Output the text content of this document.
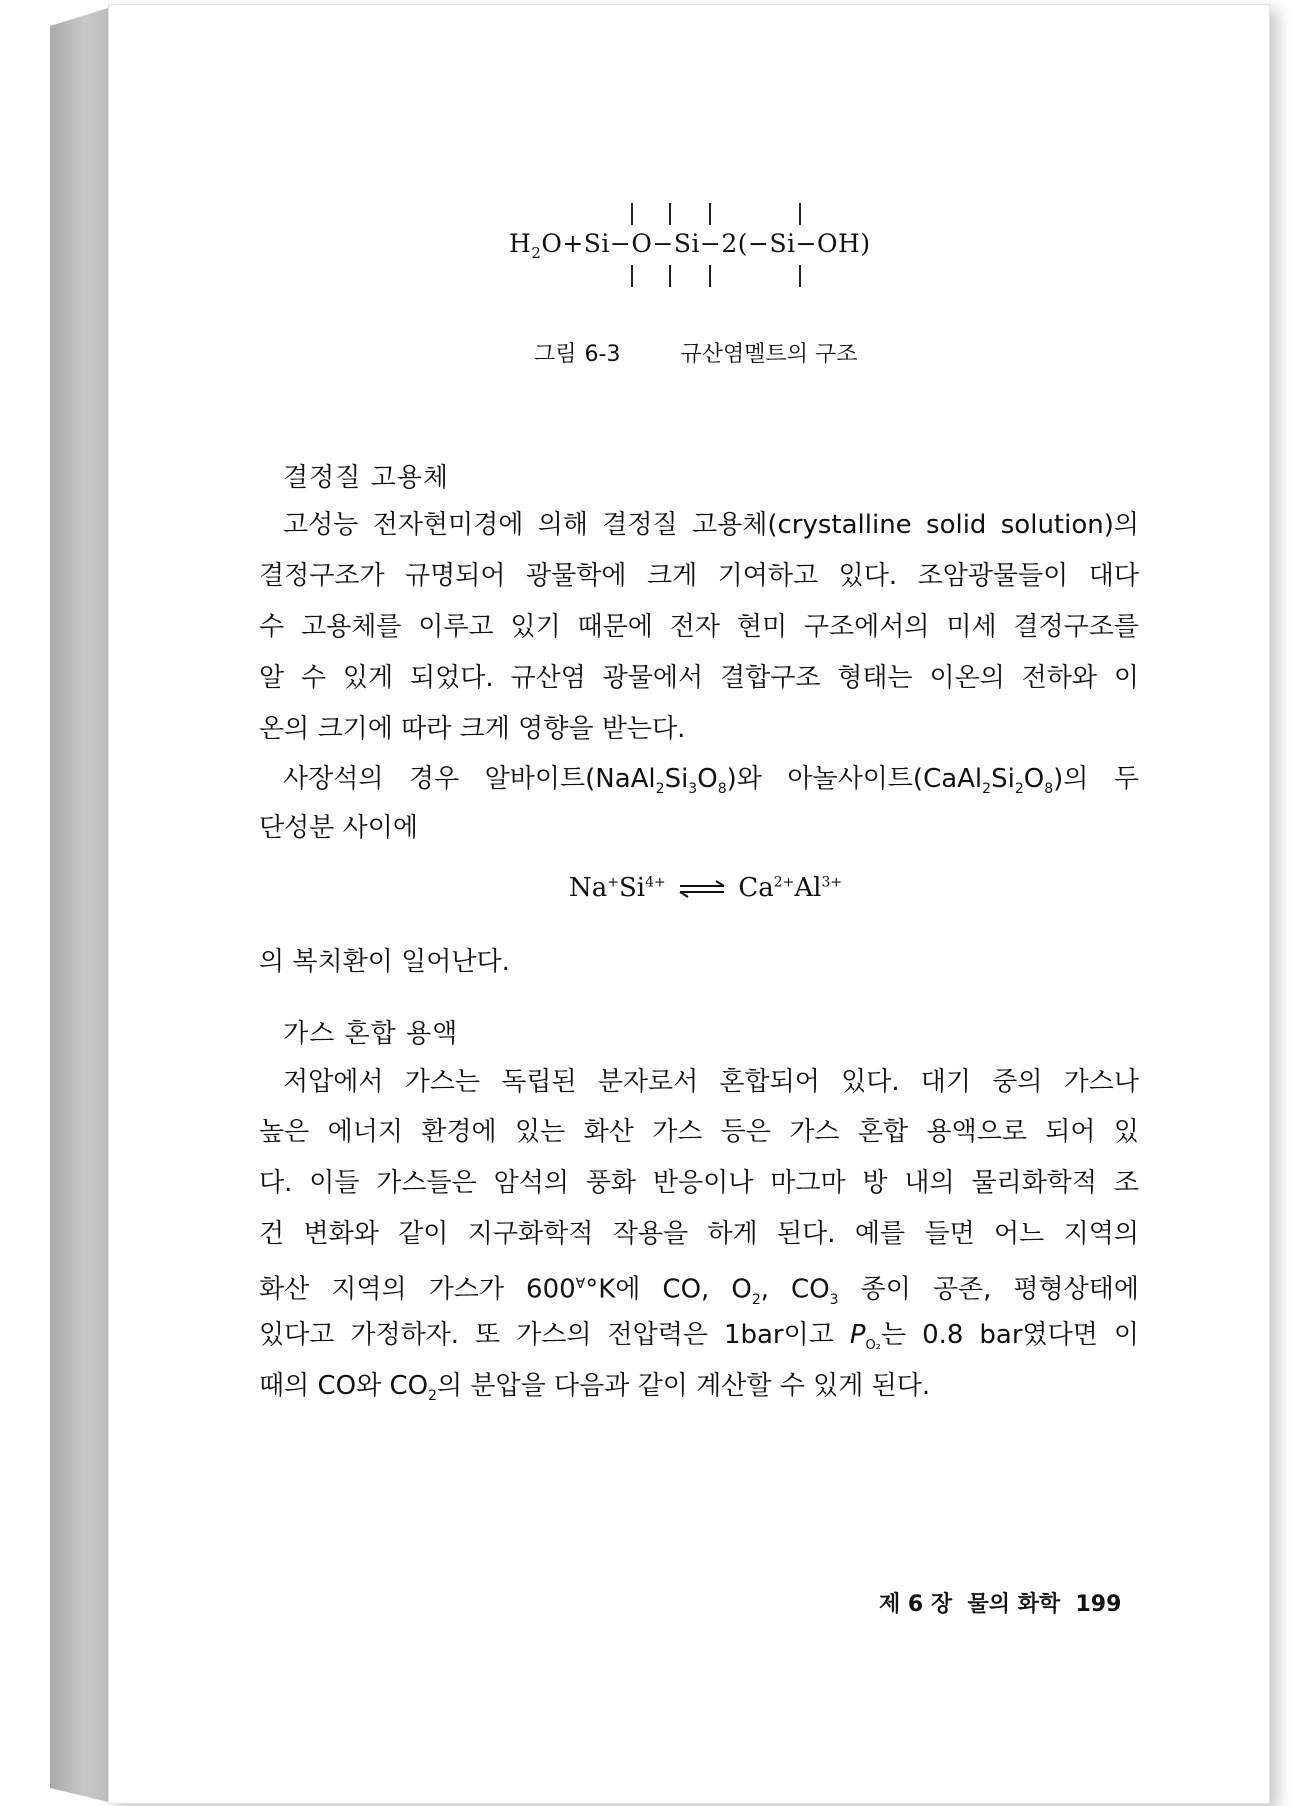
$H_2O+Si-O-Si-2(-Si-OH)$
그림 6-3	규산염멜트의 구조
결정질 고용체
고성능 전자현미경에 의해 결정질 고용체(crystalline solid solution)의
결정구조가 규명되어 광물학에 크게 기여하고 있다. 조암광물들이 대다
수 고용체를 이루고 있기 때문에 전자 현미 구조에서의 미세 결정구조를
알 수 있게 되었다. 규산염 광물에서 결합구조 형태는 이온의 전하와 이
온의 크기에 따라 크게 영향을 받는다.
사장석의 경우 알바이트$(NaAl_2Si_3O_8)$와 아놀사이트$(CaAl_2Si_2O_8)$의 두
단성분 사이에
$Na^+Si^{4+}$ ⇌ $Ca^{2+}Al^{3+}$
의 복치환이 일어난다.
가스 혼합 용액
저압에서 가스는 독립된 분자로서 혼합되어 있다. 대기 중의 가스나
높은 에너지 환경에 있는 화산 가스 등은 가스 혼합 용액으로 되어 있
다. 이들 가스들은 암석의 풍화 반응이나 마그마 방 내의 물리화학적 조
건 변화와 같이 지구화학적 작용을 하게 된다. 예를 들면 어느 지역의
화산 지역의 가스가 600∀°K에 CO, $O_2$, $CO_3$ 종이 공존, 평형상태에
있다고 가정하자. 또 가스의 전압력은 1bar이고 $P_{O_2}$는 0.8 bar였다면 이
때의 CO와 $CO_2$의 분압을 다음과 같이 계산할 수 있게 된다.
제 6 장 물의 화학 199
